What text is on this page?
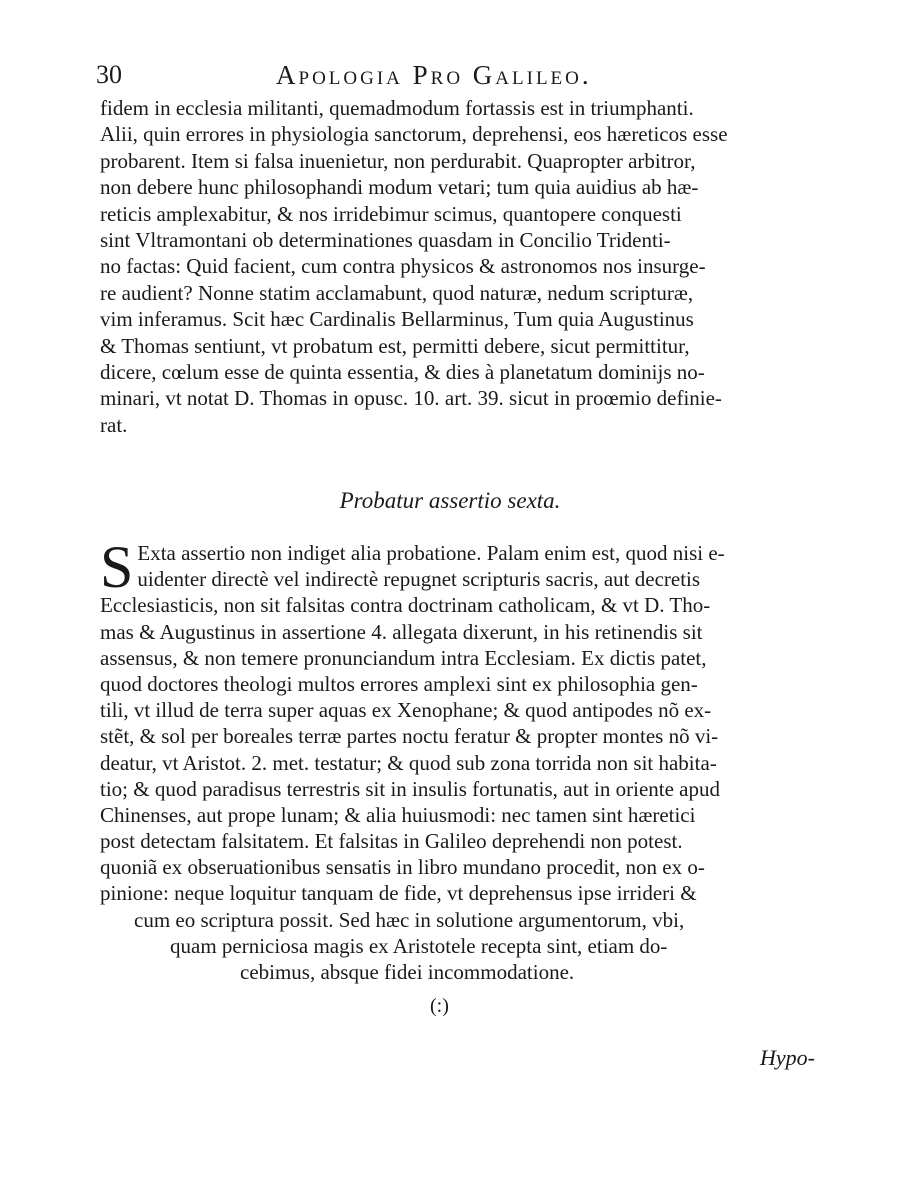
30	Apologia Pro Galileo.
fidem in ecclesia militanti, quemadmodum fortassis est in triumphanti.
Alii, quin errores in physiologia sanctorum, deprehensi, eos hæreticos esse
probarent. Item si falsa inuenietur, non perdurabit. Quapropter arbitror,
non debere hunc philosophandi modum vetari; tum quia auidius ab hæ-
reticis amplexabitur, & nos irridebimur scimus, quantopere conquesti
sint Vltramontani ob determinationes quasdam in Concilio Tridenti-
no factas: Quid facient, cum contra physicos & astronomos nos insurge-
re audient? Nonne statim acclamabunt, quod naturæ, nedum scripturæ,
vim inferamus. Scit hæc Cardinalis Bellarminus, Tum quia Augustinus
& Thomas sentiunt, vt probatum est, permitti debere, sicut permittitur,
dicere, cœlum esse de quinta essentia, & dies à planetatum dominijs no-
minari, vt notat D. Thomas in opusc. 10. art. 39. sicut in proœmio definie-
rat.
Probatur assertio sexta.
S Exta assertio non indiget alia probatione. Palam enim est, quod nisi e-
uidenter directè vel indirectè repugnet scripturis sacris, aut decretis
Ecclesiasticis, non sit falsitas contra doctrinam catholicam, & vt D. Tho-
mas & Augustinus in assertione 4. allegata dixerunt, in his retinendis sit
assensus, & non temere pronunciandum intra Ecclesiam. Ex dictis patet,
quod doctores theologi multos errores amplexi sint ex philosophia gen-
tili, vt illud de terra super aquas ex Xenophane; & quod antipodes nõ ex-
stẽt, & sol per boreales terræ partes noctu feratur & propter montes nõ vi-
deatur, vt Aristot. 2. met. testatur; & quod sub zona torrida non sit habita-
tio; & quod paradisus terrestris sit in insulis fortunatis, aut in oriente apud
Chinenses, aut prope lunam; & alia huiusmodi: nec tamen sint hæretici
post detectam falsitatem. Et falsitas in Galileo deprehendi non potest.
quoniã ex obseruationibus sensatis in libro mundano procedit, non ex o-
pinione: neque loquitur tanquam de fide, vt deprehensus ipse irrideri &
cum eo scriptura possit. Sed hæc in solutione argumentorum, vbi,
quam perniciosa magis ex Aristotele recepta sint, etiam do-
cebimus, absque fidei incommodatione.
(:)
Hypo-
